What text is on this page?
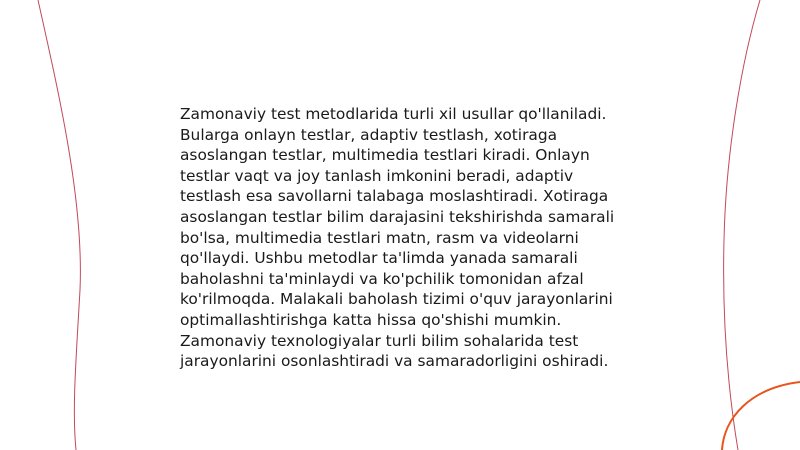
Zamonaviy test metodlarida turli xil usullar qo'llaniladi. Bularga onlayn testlar, adaptiv testlash, xotiraga asoslangan testlar, multimedia testlari kiradi. Onlayn testlar vaqt va joy tanlash imkonini beradi, adaptiv testlash esa savollarni talabaga moslashtiradi. Xotiraga asoslangan testlar bilim darajasini tekshirishda samarali bo'lsa, multimedia testlari matn, rasm va videolarni qo'llaydi. Ushbu metodlar ta'limda yanada samarali baholashni ta'minlaydi va ko'pchilik tomonidan afzal ko'rilmoqda. Malakali baholash tizimi o'quv jarayonlarini optimallashtirishga katta hissa qo'shishi mumkin. Zamonaviy texnologiyalar turli bilim sohalarida test jarayonlarini osonlashtiradi va samaradorligini oshiradi.
